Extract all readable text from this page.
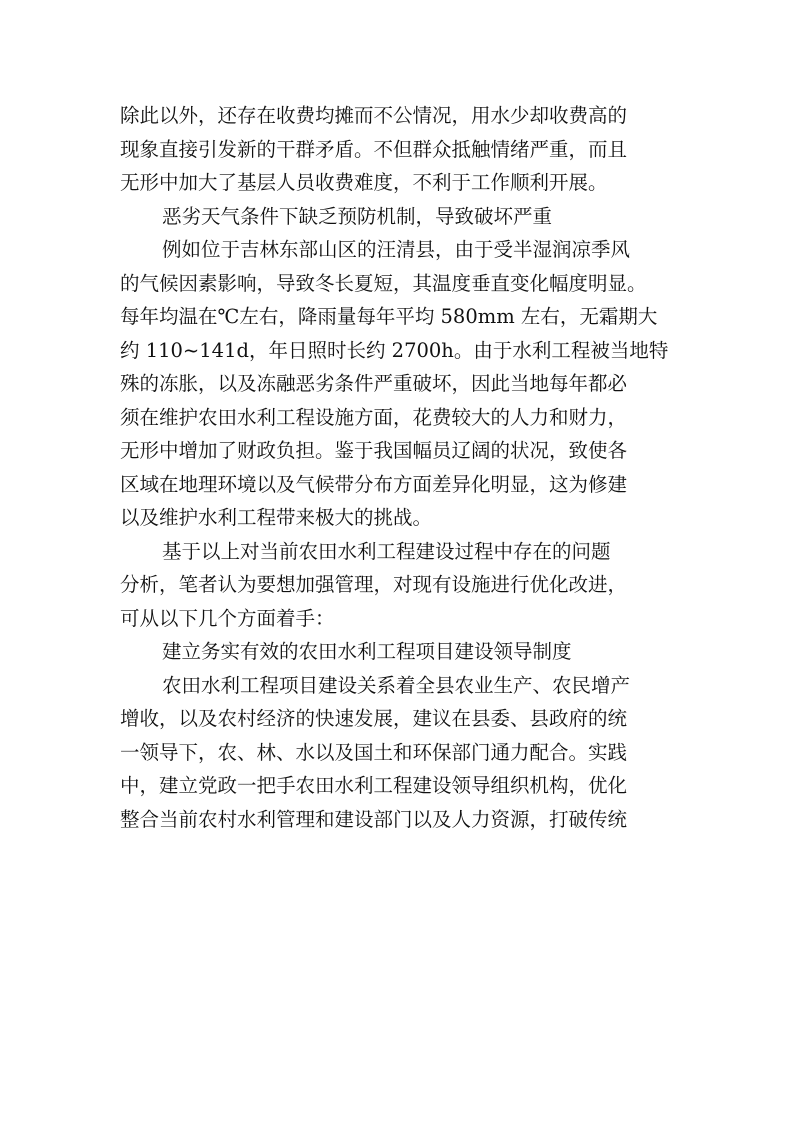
除此以外，还存在收费均摊而不公情况，用水少却收费高的
现象直接引发新的干群矛盾。不但群众抵触情绪严重，而且
无形中加大了基层人员收费难度，不利于工作顺利开展。
恶劣天气条件下缺乏预防机制，导致破坏严重
例如位于吉林东部山区的汪清县，由于受半湿润凉季风
的气候因素影响，导致冬长夏短，其温度垂直变化幅度明显。
每年均温在℃左右，降雨量每年平均 580mm 左右，无霜期大
约 110~141d，年日照时长约 2700h。由于水利工程被当地特
殊的冻胀，以及冻融恶劣条件严重破坏，因此当地每年都必
须在维护农田水利工程设施方面，花费较大的人力和财力，
无形中增加了财政负担。鉴于我国幅员辽阔的状况，致使各
区域在地理环境以及气候带分布方面差异化明显，这为修建
以及维护水利工程带来极大的挑战。
基于以上对当前农田水利工程建设过程中存在的问题
分析，笔者认为要想加强管理，对现有设施进行优化改进，
可从以下几个方面着手：
建立务实有效的农田水利工程项目建设领导制度
农田水利工程项目建设关系着全县农业生产、农民增产
增收，以及农村经济的快速发展，建议在县委、县政府的统
一领导下，农、林、水以及国土和环保部门通力配合。实践
中，建立党政一把手农田水利工程建设领导组织机构，优化
整合当前农村水利管理和建设部门以及人力资源，打破传统
